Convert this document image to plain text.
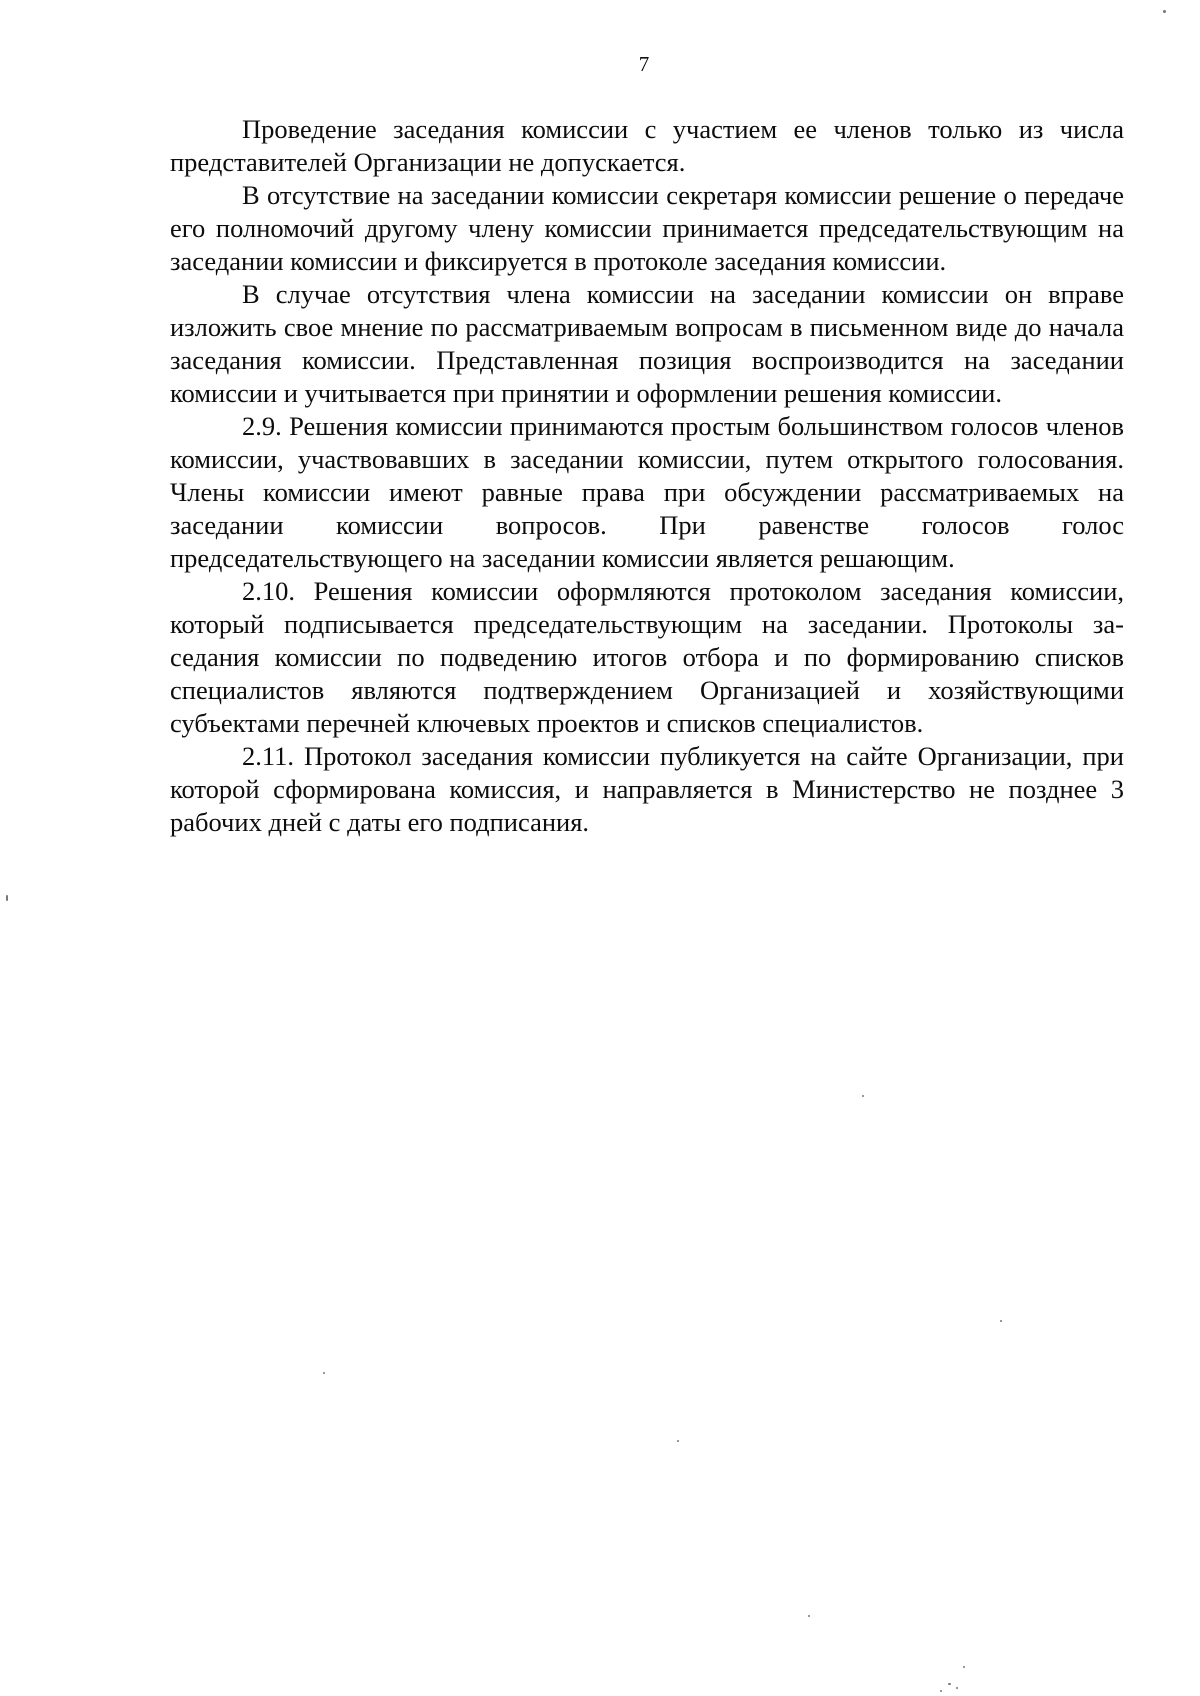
7

Проведение заседания комиссии с участием ее членов только из числа представителей Организации не допускается.

В отсутствие на заседании комиссии секретаря комиссии решение о передаче его полномочий другому члену комиссии принимается председательствующим на заседании комиссии и фиксируется в протоколе заседания комиссии.

В случае отсутствия члена комиссии на заседании комиссии он вправе изложить свое мнение по рассматриваемым вопросам в письменном виде до начала заседания комиссии. Представленная позиция воспроизводится на заседании комиссии и учитывается при принятии и оформлении решения комиссии.

2.9. Решения комиссии принимаются простым большинством голосов членов комиссии, участвовавших в заседании комиссии, путем открытого голосования. Члены комиссии имеют равные права при обсуждении рассматриваемых на заседании комиссии вопросов. При равенстве голосов голос председательствующего на заседании комиссии является решающим.

2.10. Решения комиссии оформляются протоколом заседания комиссии, который подписывается председательствующим на заседании. Протоколы заседания комиссии по подведению итогов отбора и по формированию списков специалистов являются подтверждением Организацией и хозяйствующими субъектами перечней ключевых проектов и списков специалистов.

2.11. Протокол заседания комиссии публикуется на сайте Организации, при которой сформирована комиссия, и направляется в Министерство не позднее 3 рабочих дней с даты его подписания.
